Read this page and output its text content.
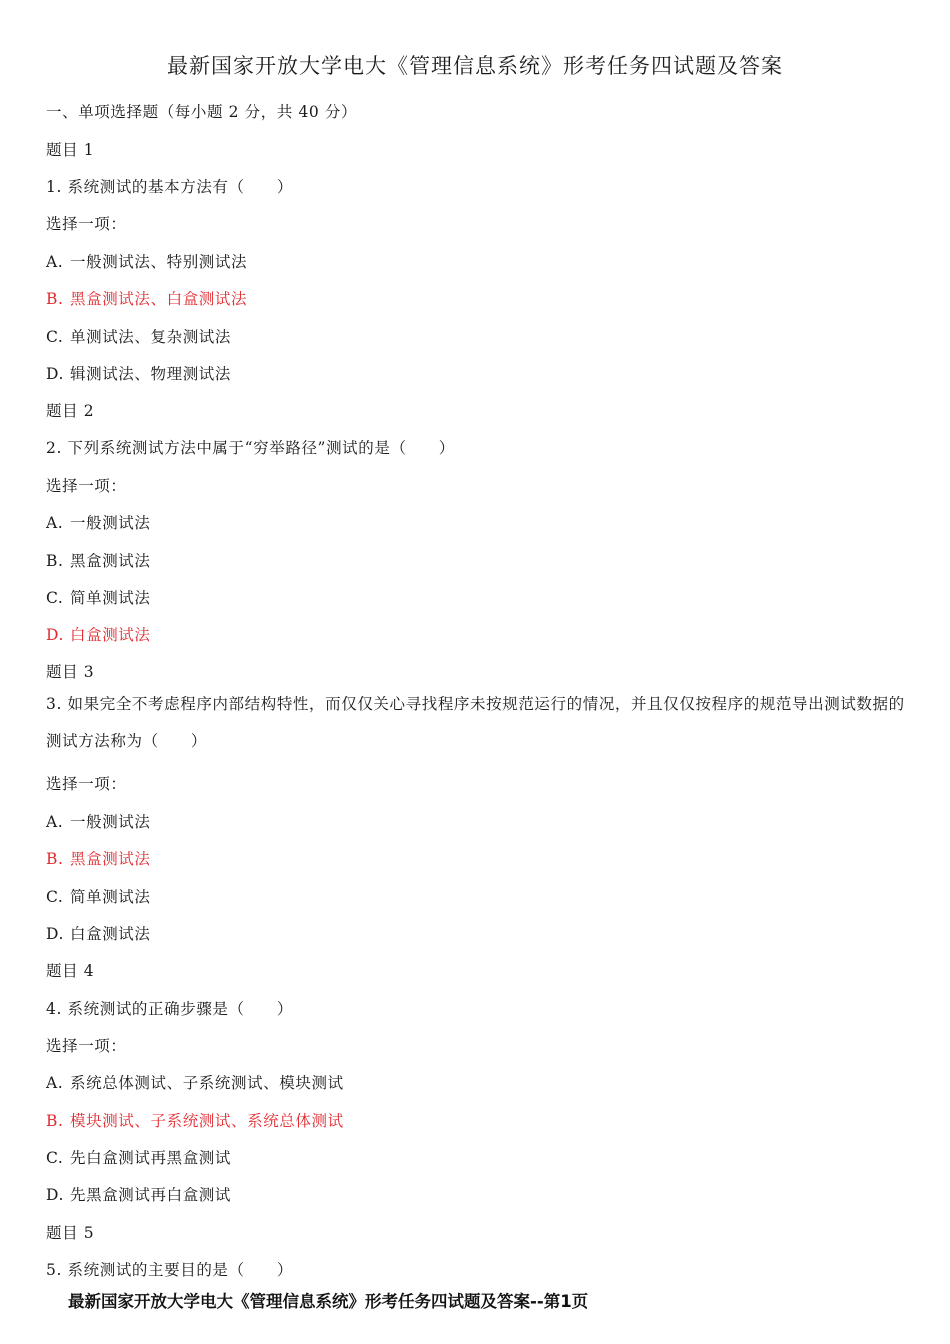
最新国家开放大学电大《管理信息系统》形考任务四试题及答案
一、单项选择题（每小题 2 分，共 40 分）
题目 1
1. 系统测试的基本方法有（　　）
选择一项：
A. 一般测试法、特别测试法
B. 黑盒测试法、白盒测试法
C. 单测试法、复杂测试法
D. 辑测试法、物理测试法
题目 2
2. 下列系统测试方法中属于“穷举路径”测试的是（　　）
选择一项：
A. 一般测试法
B. 黑盒测试法
C. 简单测试法
D. 白盒测试法
题目 3
3. 如果完全不考虑程序内部结构特性，而仅仅关心寻找程序未按规范运行的情况，并且仅仅按程序的规范导出测试数据的测试方法称为（　　）
选择一项：
A. 一般测试法
B. 黑盒测试法
C. 简单测试法
D. 白盒测试法
题目 4
4. 系统测试的正确步骤是（　　）
选择一项：
A. 系统总体测试、子系统测试、模块测试
B. 模块测试、子系统测试、系统总体测试
C. 先白盒测试再黑盒测试
D. 先黑盒测试再白盒测试
题目 5
5. 系统测试的主要目的是（　　）
最新国家开放大学电大《管理信息系统》形考任务四试题及答案--第1页
